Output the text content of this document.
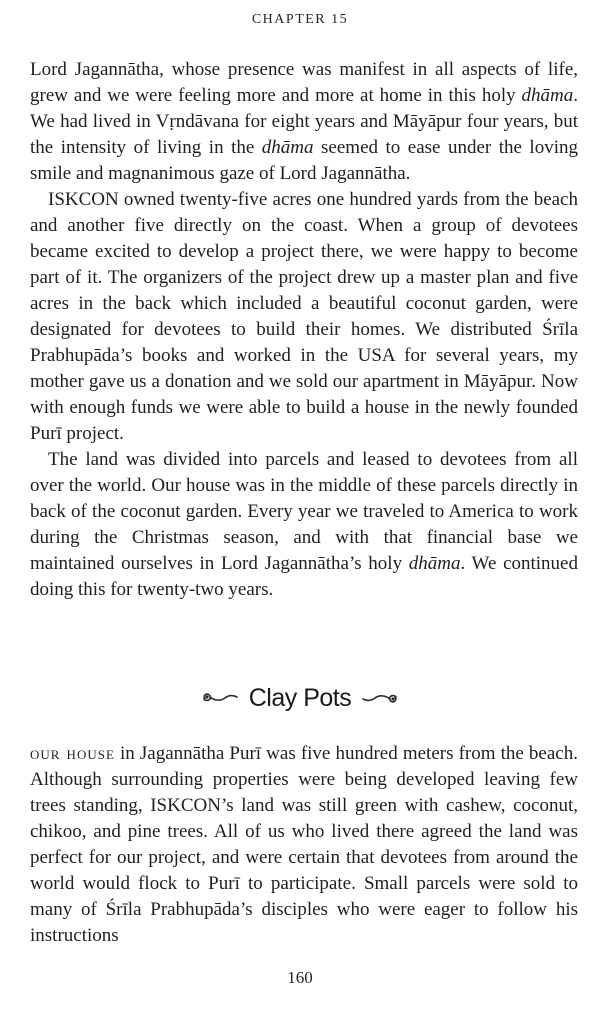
CHAPTER 15

Lord Jagannātha, whose presence was manifest in all aspects of life, grew and we were feeling more and more at home in this holy dhāma. We had lived in Vṛndāvana for eight years and Māyāpur four years, but the intensity of living in the dhāma seemed to ease under the loving smile and magnanimous gaze of Lord Jagannātha.

ISKCON owned twenty-five acres one hundred yards from the beach and another five directly on the coast. When a group of devotees became excited to develop a project there, we were happy to become part of it. The organizers of the project drew up a master plan and five acres in the back which included a beautiful coconut garden, were designated for devotees to build their homes. We distributed Śrīla Prabhupāda’s books and worked in the USA for several years, my mother gave us a donation and we sold our apartment in Māyāpur. Now with enough funds we were able to build a house in the newly founded Purī project.

The land was divided into parcels and leased to devotees from all over the world. Our house was in the middle of these parcels directly in back of the coconut garden. Every year we traveled to America to work during the Christmas season, and with that financial base we maintained ourselves in Lord Jagannātha’s holy dhāma. We continued doing this for twenty-two years.

Clay Pots

our house in Jagannātha Purī was five hundred meters from the beach. Although surrounding properties were being developed leaving few trees standing, ISKCON’s land was still green with cashew, coconut, chikoo, and pine trees. All of us who lived there agreed the land was perfect for our project, and were certain that devotees from around the world would flock to Purī to participate. Small parcels were sold to many of Śrīla Prabhupāda’s disciples who were eager to follow his instructions

160
